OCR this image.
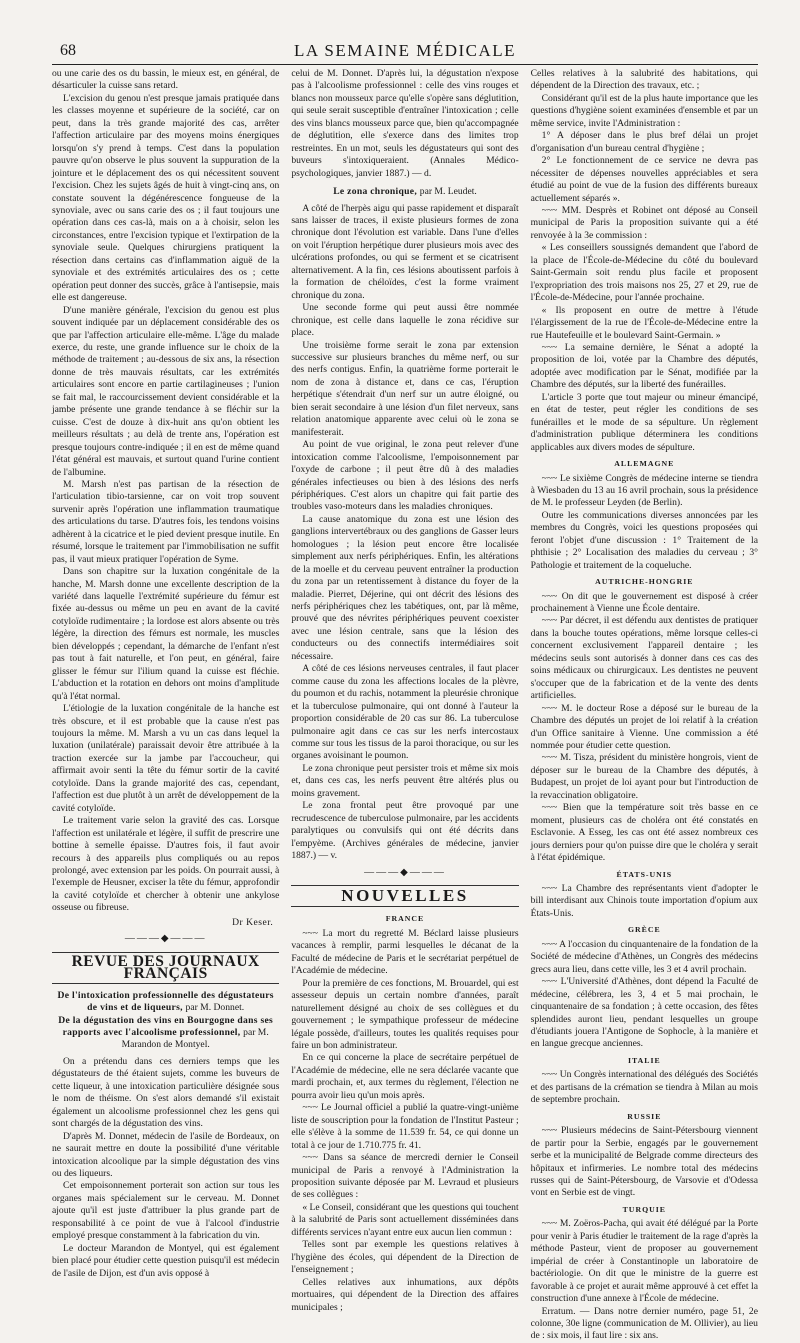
68	LA SEMAINE MÉDICALE

ou une carie des os du bassin, le mieux est, en général, de désarticuler la cuisse sans retard.

L'excision du genou n'est presque jamais pratiquée dans les classes moyenne et supérieure de la société, car on peut, dans la très grande majorité des cas, arrêter l'affection articulaire par des moyens moins énergiques lorsqu'on s'y prend à temps. C'est dans la population pauvre qu'on observe le plus souvent la suppuration de la jointure et le déplacement des os qui nécessitent souvent l'excision. Chez les sujets âgés de huit à vingt-cinq ans, on constate souvent la dégénérescence fongueuse de la synoviale, avec ou sans carie des os ; il faut toujours une opération dans ces cas-là, mais on a à choisir, selon les circonstances, entre l'excision typique et l'extirpation de la synoviale seule. Quelques chirurgiens pratiquent la résection dans certains cas d'inflammation aiguë de la synoviale et des extrémités articulaires des os ; cette opération peut donner des succès, grâce à l'antisepsie, mais elle est dangereuse.

D'une manière générale, l'excision du genou est plus souvent indiquée par un déplacement considérable des os que par l'affection articulaire elle-même. L'âge du malade exerce, du reste, une grande influence sur le choix de la méthode de traitement ; au-dessous de six ans, la résection donne de très mauvais résultats, car les extrémités articulaires sont encore en partie cartilagineuses ; l'union se fait mal, le raccourcissement devient considérable et la jambe présente une grande tendance à se fléchir sur la cuisse. C'est de douze à dix-huit ans qu'on obtient les meilleurs résultats ; au delà de trente ans, l'opération est presque toujours contre-indiquée ; il en est de même quand l'état général est mauvais, et surtout quand l'urine contient de l'albumine.

M. Marsh n'est pas partisan de la résection de l'articulation tibio-tarsienne, car on voit trop souvent survenir après l'opération une inflammation traumatique des articulations du tarse. D'autres fois, les tendons voisins adhèrent à la cicatrice et le pied devient presque inutile. En résumé, lorsque le traitement par l'immobilisation ne suffit pas, il vaut mieux pratiquer l'opération de Syme.

Dans son chapitre sur la luxation congénitale de la hanche, M. Marsh donne une excellente description de la variété dans laquelle l'extrémité supérieure du fémur est fixée au-dessus ou même un peu en avant de la cavité cotyloïde rudimentaire ; la lordose est alors absente ou très légère, la direction des fémurs est normale, les muscles bien développés ; cependant, la démarche de l'enfant n'est pas tout à fait naturelle, et l'on peut, en général, faire glisser le fémur sur l'ilium quand la cuisse est fléchie. L'abduction et la rotation en dehors ont moins d'amplitude qu'à l'état normal.

L'étiologie de la luxation congénitale de la hanche est très obscure, et il est probable que la cause n'est pas toujours la même. M. Marsh a vu un cas dans lequel la luxation (unilatérale) paraissait devoir être attribuée à la traction exercée sur la jambe par l'accoucheur, qui affirmait avoir senti la tête du fémur sortir de la cavité cotyloïde. Dans la grande majorité des cas, cependant, l'affection est due plutôt à un arrêt de développement de la cavité cotyloïde.

Le traitement varie selon la gravité des cas. Lorsque l'affection est unilatérale et légère, il suffit de prescrire une bottine à semelle épaisse. D'autres fois, il faut avoir recours à des appareils plus compliqués ou au repos prolongé, avec extension par les poids. On pourrait aussi, à l'exemple de Heusner, exciser la tête du fémur, approfondir la cavité cotyloïde et chercher à obtenir une ankylose osseuse ou fibreuse.

Dr Keser.
———◆———
REVUE DES JOURNAUX FRANÇAIS
De l'intoxication professionnelle des dégustateurs de vins et de liqueurs, par M. Donnet.
De la dégustation des vins en Bourgogne dans ses rapports avec l'alcoolisme professionnel, par M. Marandon de Montyel.

On a prétendu dans ces derniers temps que les dégustateurs de thé étaient sujets, comme les buveurs de cette liqueur, à une intoxication particulière désignée sous le nom de théisme. On s'est alors demandé s'il existait également un alcoolisme professionnel chez les gens qui sont chargés de la dégustation des vins.

D'après M. Donnet, médecin de l'asile de Bordeaux, on ne saurait mettre en doute la possibilité d'une véritable intoxication alcoolique par la simple dégustation des vins ou des liqueurs.

Cet empoisonnement porterait son action sur tous les organes mais spécialement sur le cerveau. M. Donnet ajoute qu'il est juste d'attribuer la plus grande part de responsabilité à ce point de vue à l'alcool d'industrie employé presque constamment à la fabrication du vin.

Le docteur Marandon de Montyel, qui est également bien placé pour étudier cette question puisqu'il est médecin de l'asile de Dijon, est d'un avis opposé à

celui de M. Donnet. D'après lui, la dégustation n'expose pas à l'alcoolisme professionnel : celle des vins rouges et blancs non mousseux parce qu'elle s'opère sans déglutition, qui seule serait susceptible d'entraîner l'intoxication ; celle des vins blancs mousseux parce que, bien qu'accompagnée de déglutition, elle s'exerce dans des limites trop restreintes. En un mot, seuls les dégustateurs qui sont des buveurs s'intoxiqueraient. (Annales Médico-psychologiques, janvier 1887.) — d.

Le zona chronique, par M. Leudet.

A côté de l'herpès aigu qui passe rapidement et disparaît sans laisser de traces, il existe plusieurs formes de zona chronique dont l'évolution est variable. Dans l'une d'elles on voit l'éruption herpétique durer plusieurs mois avec des ulcérations profondes, ou qui se ferment et se cicatrisent alternativement. A la fin, ces lésions aboutissent parfois à la formation de chéloïdes, c'est la forme vraiment chronique du zona.

Une seconde forme qui peut aussi être nommée chronique, est celle dans laquelle le zona récidive sur place.

Une troisième forme serait le zona par extension successive sur plusieurs branches du même nerf, ou sur des nerfs contigus. Enfin, la quatrième forme porterait le nom de zona à distance et, dans ce cas, l'éruption herpétique s'étendrait d'un nerf sur un autre éloigné, ou bien serait secondaire à une lésion d'un filet nerveux, sans relation anatomique apparente avec celui où le zona se manifesterait.

Au point de vue original, le zona peut relever d'une intoxication comme l'alcoolisme, l'empoisonnement par l'oxyde de carbone ; il peut être dû à des maladies générales infectieuses ou bien à des lésions des nerfs périphériques. C'est alors un chapitre qui fait partie des troubles vaso-moteurs dans les maladies chroniques.

La cause anatomique du zona est une lésion des ganglions intervertébraux ou des ganglions de Gasser leurs homologues ; la lésion peut encore être localisée simplement aux nerfs périphériques. Enfin, les altérations de la moelle et du cerveau peuvent entraîner la production du zona par un retentissement à distance du foyer de la maladie. Pierret, Déjerine, qui ont décrit des lésions des nerfs périphériques chez les tabétiques, ont, par là même, prouvé que des névrites périphériques peuvent coexister avec une lésion centrale, sans que la lésion des conducteurs ou des connectifs intermédiaires soit nécessaire.

A côté de ces lésions nerveuses centrales, il faut placer comme cause du zona les affections locales de la plèvre, du poumon et du rachis, notamment la pleurésie chronique et la tuberculose pulmonaire, qui ont donné à l'auteur la proportion considérable de 20 cas sur 86. La tuberculose pulmonaire agit dans ce cas sur les nerfs intercostaux comme sur tous les tissus de la paroi thoracique, ou sur les organes avoisinant le poumon.

Le zona chronique peut persister trois et même six mois et, dans ces cas, les nerfs peuvent être altérés plus ou moins gravement.

Le zona frontal peut être provoqué par une recrudescence de tuberculose pulmonaire, par les accidents paralytiques ou convulsifs qui ont été décrits dans l'empyème. (Archives générales de médecine, janvier 1887.) — v.

———◆———
NOUVELLES
FRANCE

~~~ La mort du regretté M. Béclard laisse plusieurs vacances à remplir, parmi lesquelles le décanat de la Faculté de médecine de Paris et le secrétariat perpétuel de l'Académie de médecine.

Pour la première de ces fonctions, M. Brouardel, qui est assesseur depuis un certain nombre d'années, paraît naturellement désigné au choix de ses collègues et du gouvernement ; le sympathique professeur de médecine légale possède, d'ailleurs, toutes les qualités requises pour faire un bon administrateur.

En ce qui concerne la place de secrétaire perpétuel de l'Académie de médecine, elle ne sera déclarée vacante que mardi prochain, et, aux termes du règlement, l'élection ne pourra avoir lieu qu'un mois après.

~~~ Le Journal officiel a publié la quatre-vingt-unième liste de souscription pour la fondation de l'Institut Pasteur ; elle s'élève à la somme de 11.539 fr. 54, ce qui donne un total à ce jour de 1.710.775 fr. 41.

~~~ Dans sa séance de mercredi dernier le Conseil municipal de Paris a renvoyé à l'Administration la proposition suivante déposée par M. Levraud et plusieurs de ses collègues :

« Le Conseil, considérant que les questions qui touchent à la salubrité de Paris sont actuellement disséminées dans différents services n'ayant entre eux aucun lien commun :

Telles sont par exemple les questions relatives à l'hygiène des écoles, qui dépendent de la Direction de l'enseignement ;

Celles relatives aux inhumations, aux dépôts mortuaires, qui dépendent de la Direction des affaires municipales ;

Celles relatives à la salubrité des habitations, qui dépendent de la Direction des travaux, etc. ;

Considérant qu'il est de la plus haute importance que les questions d'hygiène soient examinées d'ensemble et par un même service, invite l'Administration :

1° A déposer dans le plus bref délai un projet d'organisation d'un bureau central d'hygiène ;

2° Le fonctionnement de ce service ne devra pas nécessiter de dépenses nouvelles appréciables et sera étudié au point de vue de la fusion des différents bureaux actuellement séparés ».

~~~ MM. Desprès et Robinet ont déposé au Conseil municipal de Paris la proposition suivante qui a été renvoyée à la 3e commission :

« Les conseillers soussignés demandent que l'abord de la place de l'École-de-Médecine du côté du boulevard Saint-Germain soit rendu plus facile et proposent l'expropriation des trois maisons nos 25, 27 et 29, rue de l'École-de-Médecine, pour l'année prochaine.

« Ils proposent en outre de mettre à l'étude l'élargissement de la rue de l'École-de-Médecine entre la rue Hautefeuille et le boulevard Saint-Germain. »

~~~ La semaine dernière, le Sénat a adopté la proposition de loi, votée par la Chambre des députés, adoptée avec modification par le Sénat, modifiée par la Chambre des députés, sur la liberté des funérailles.

L'article 3 porte que tout majeur ou mineur émancipé, en état de tester, peut régler les conditions de ses funérailles et le mode de sa sépulture. Un règlement d'administration publique déterminera les conditions applicables aux divers modes de sépulture.

ALLEMAGNE

~~~ Le sixième Congrès de médecine interne se tiendra à Wiesbaden du 13 au 16 avril prochain, sous la présidence de M. le professeur Leyden (de Berlin).

Outre les communications diverses annoncées par les membres du Congrès, voici les questions proposées qui feront l'objet d'une discussion : 1° Traitement de la phthisie ; 2° Localisation des maladies du cerveau ; 3° Pathologie et traitement de la coqueluche.

AUTRICHE-HONGRIE

~~~ On dit que le gouvernement est disposé à créer prochainement à Vienne une École dentaire.

~~~ Par décret, il est défendu aux dentistes de pratiquer dans la bouche toutes opérations, même lorsque celles-ci concernent exclusivement l'appareil dentaire ; les médecins seuls sont autorisés à donner dans ces cas des soins médicaux ou chirurgicaux. Les dentistes ne peuvent s'occuper que de la fabrication et de la vente des dents artificielles.

~~~ M. le docteur Rose a déposé sur le bureau de la Chambre des députés un projet de loi relatif à la création d'un Office sanitaire à Vienne. Une commission a été nommée pour étudier cette question.

~~~ M. Tisza, président du ministère hongrois, vient de déposer sur le bureau de la Chambre des députés, à Budapest, un projet de loi ayant pour but l'introduction de la revaccination obligatoire.

~~~ Bien que la température soit très basse en ce moment, plusieurs cas de choléra ont été constatés en Esclavonie. A Esseg, les cas ont été assez nombreux ces jours derniers pour qu'on puisse dire que le choléra y serait à l'état épidémique.

ÉTATS-UNIS

~~~ La Chambre des représentants vient d'adopter le bill interdisant aux Chinois toute importation d'opium aux États-Unis.

GRÈCE

~~~ A l'occasion du cinquantenaire de la fondation de la Société de médecine d'Athènes, un Congrès des médecins grecs aura lieu, dans cette ville, les 3 et 4 avril prochain.

~~~ L'Université d'Athènes, dont dépend la Faculté de médecine, célébrera, les 3, 4 et 5 mai prochain, le cinquantenaire de sa fondation ; à cette occasion, des fêtes splendides auront lieu, pendant lesquelles un groupe d'étudiants jouera l'Antigone de Sophocle, à la manière et en langue grecque anciennes.

ITALIE

~~~ Un Congrès international des délégués des Sociétés et des partisans de la crémation se tiendra à Milan au mois de septembre prochain.

RUSSIE

~~~ Plusieurs médecins de Saint-Pétersbourg viennent de partir pour la Serbie, engagés par le gouvernement serbe et la municipalité de Belgrade comme directeurs des hôpitaux et infirmeries. Le nombre total des médecins russes qui de Saint-Pétersbourg, de Varsovie et d'Odessa vont en Serbie est de vingt.

TURQUIE

~~~ M. Zoëros-Pacha, qui avait été délégué par la Porte pour venir à Paris étudier le traitement de la rage d'après la méthode Pasteur, vient de proposer au gouvernement impérial de créer à Constantinople un laboratoire de bactériologie. On dit que le ministre de la guerre est favorable à ce projet et aurait même approuvé à cet effet la construction d'une annexe à l'École de médecine.

Erratum. — Dans notre dernier numéro, page 51, 2e colonne, 30e ligne (communication de M. Ollivier), au lieu de : six mois, il faut lire : six ans.
